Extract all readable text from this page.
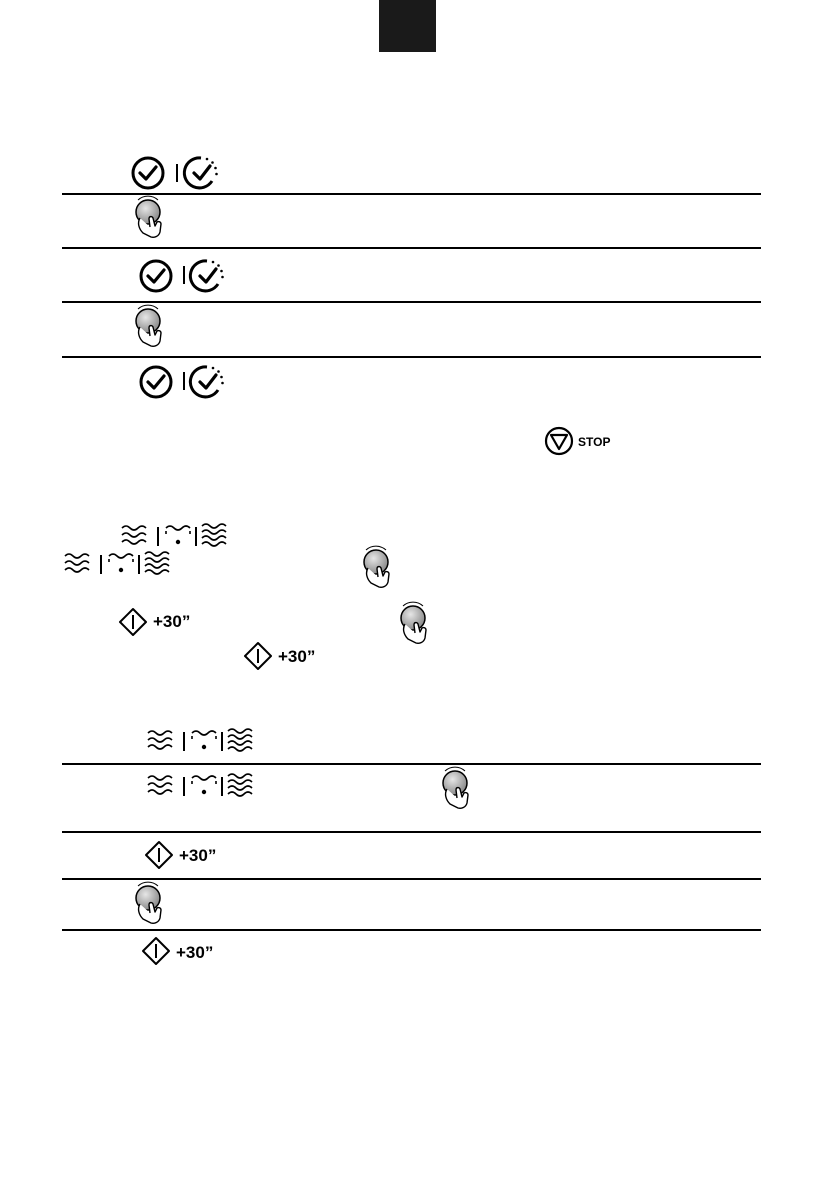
STOP
+30”
+30”
+30”
+30”
